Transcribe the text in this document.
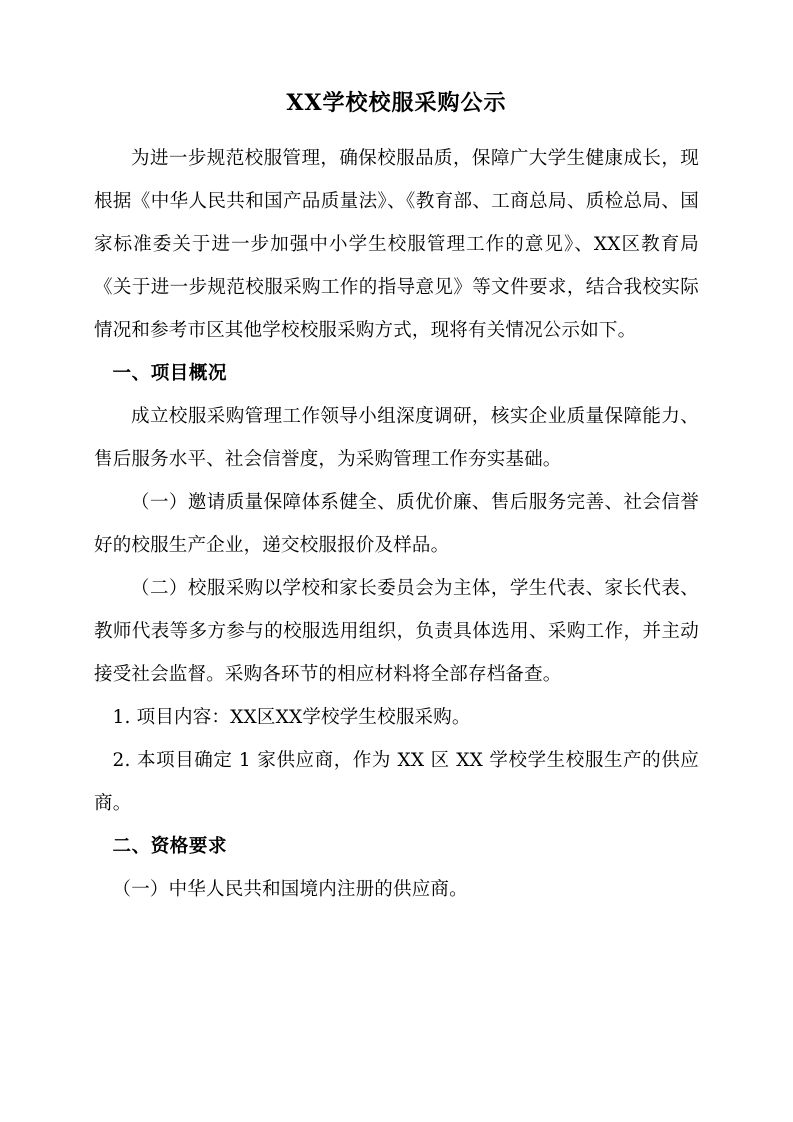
XX学校校服采购公示

为进一步规范校服管理，确保校服品质，保障广大学生健康成长，现根据《中华人民共和国产品质量法》、《教育部、工商总局、质检总局、国家标准委关于进一步加强中小学生校服管理工作的意见》、XX区教育局《关于进一步规范校服采购工作的指导意见》等文件要求，结合我校实际情况和参考市区其他学校校服采购方式，现将有关情况公示如下。

一、项目概况

成立校服采购管理工作领导小组深度调研，核实企业质量保障能力、售后服务水平、社会信誉度，为采购管理工作夯实基础。

（一）邀请质量保障体系健全、质优价廉、售后服务完善、社会信誉好的校服生产企业，递交校服报价及样品。

（二）校服采购以学校和家长委员会为主体，学生代表、家长代表、教师代表等多方参与的校服选用组织，负责具体选用、采购工作，并主动接受社会监督。采购各环节的相应材料将全部存档备查。

1. 项目内容：XX区XX学校学生校服采购。

2. 本项目确定 1 家供应商，作为 XX 区 XX 学校学生校服生产的供应商。

二、资格要求

（一）中华人民共和国境内注册的供应商。
